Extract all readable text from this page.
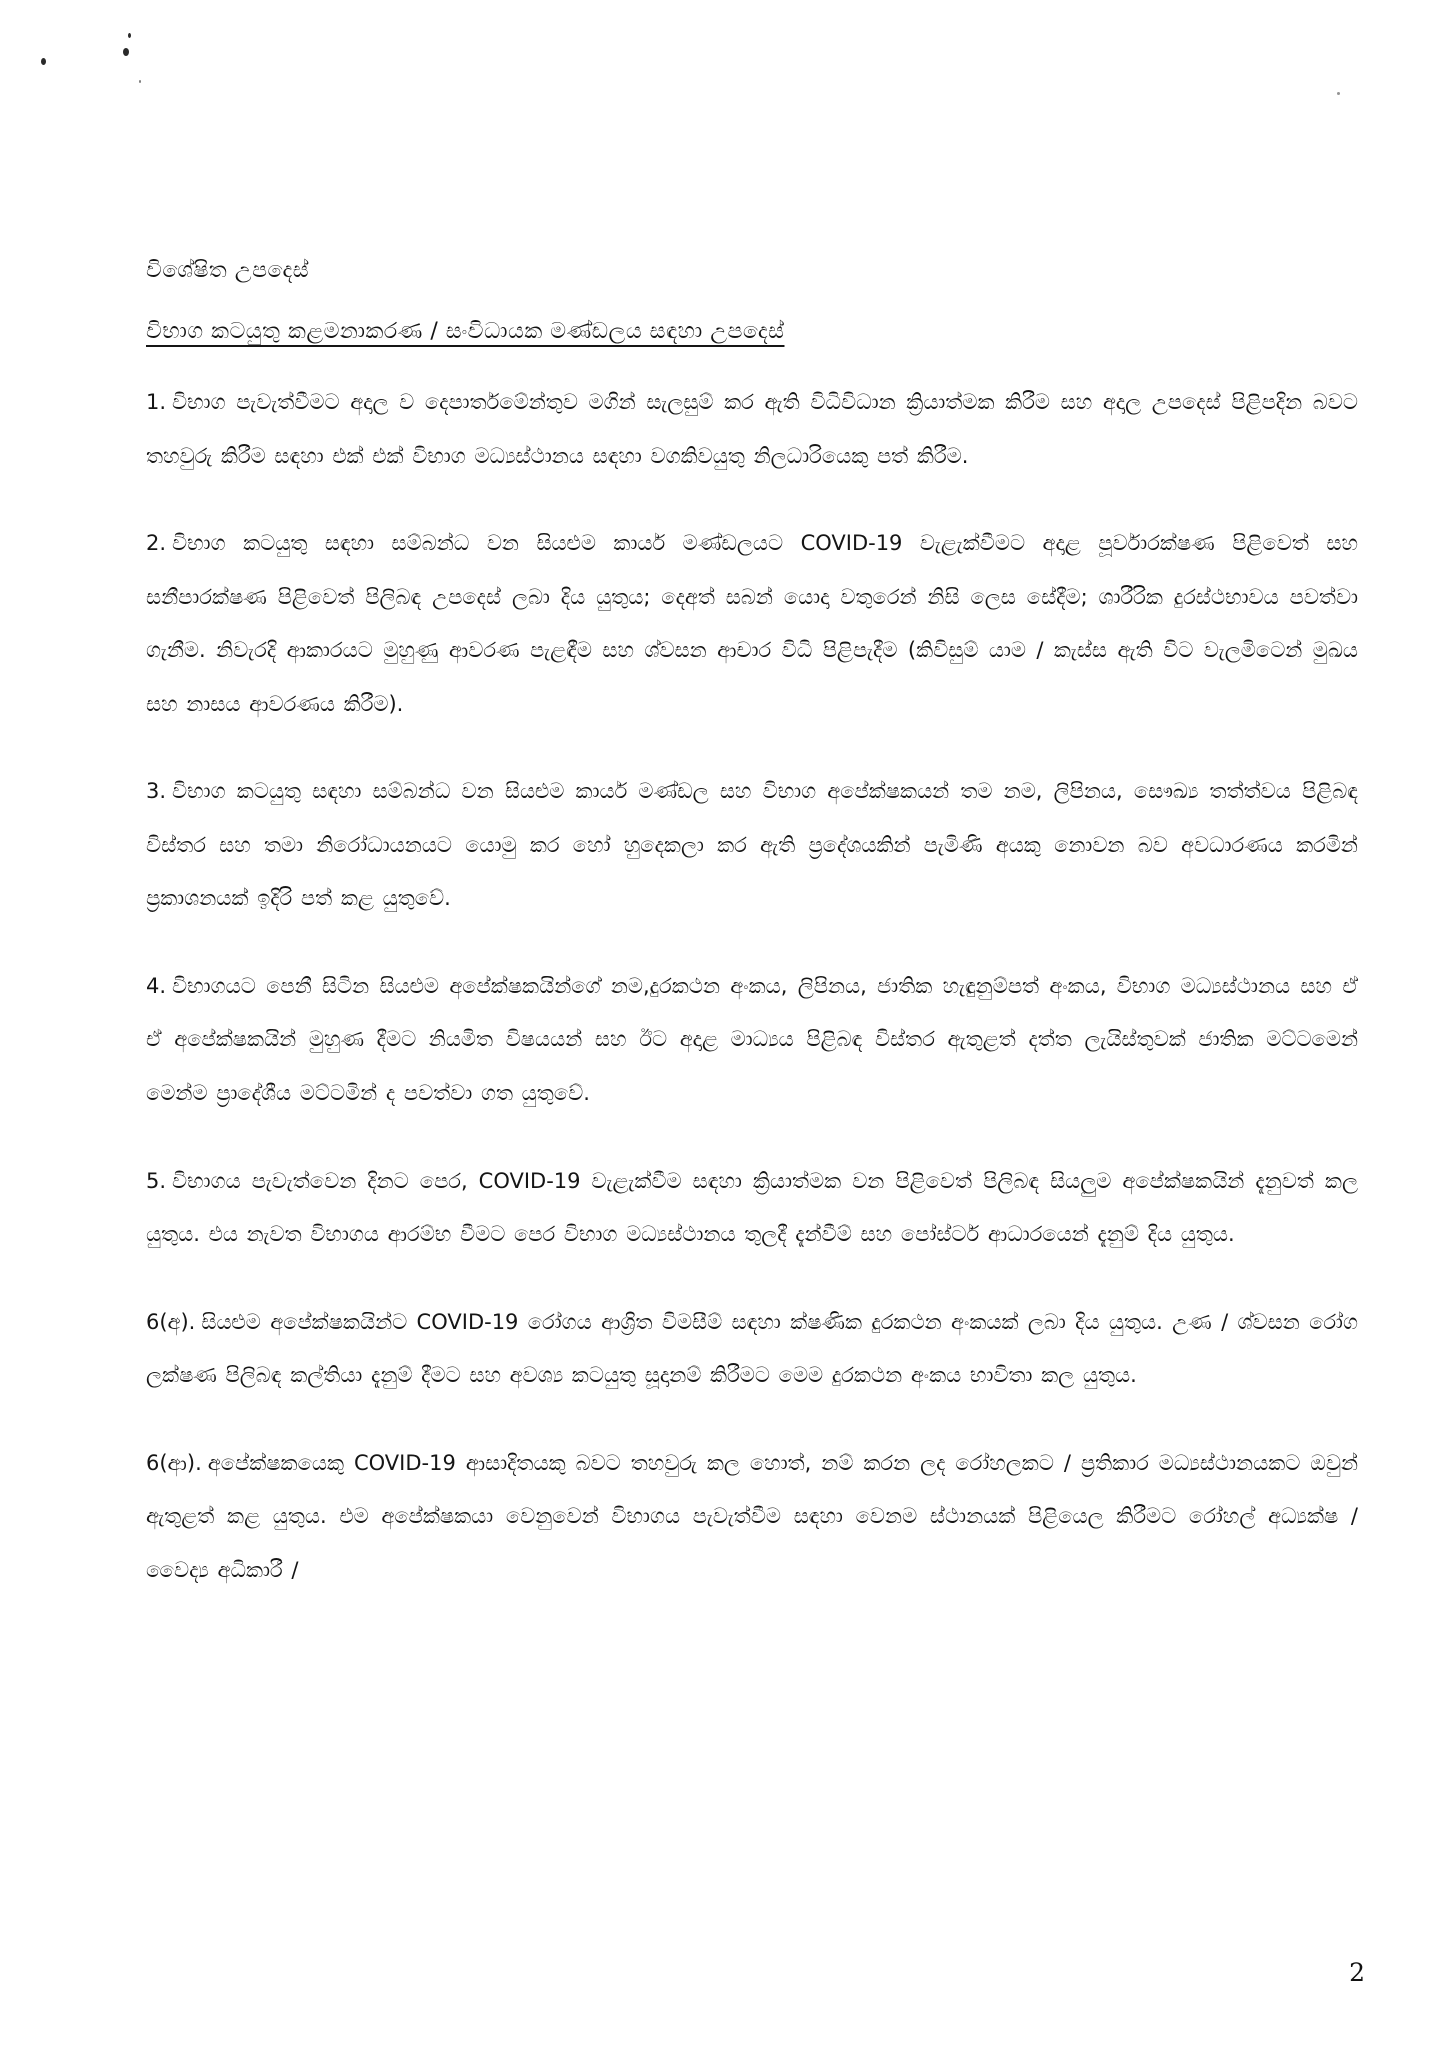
විශේෂිත උපදෙස්

විභාග කටයුතු කළමනාකරණ / සංවිධායක මණ්ඩලය සඳහා උපදෙස්

1. විභාග පැවැත්වීමට අදාල ව දෙපාර්තමේන්තුව මගින් සැලසුම් කර ඇති විධිවිධාන ක්‍රියාත්මක කිරීම සහ අදාල උපදෙස් පිළිපදින බවට තහවුරු කිරීම සඳහා එක් එක් විභාග මධ්‍යස්ථානය සඳහා වගකිවයුතු නිලධාරියෙකු පත් කිරීම.

2. විභාග කටයුතු සඳහා සම්බන්ධ වන සියළුම කාර්ය මණ්ඩලයට COVID-19 වැළැක්වීමට අදාළ පූර්වාරක්ෂණ පිළිවෙත් සහ සනීපාරක්ෂණ පිළිවෙත් පිලිබඳ උපදෙස් ලබා දිය යුතුය; දෙඅත් සබන් යොදා වතුරෙන් නිසි ලෙස සේදීම; ශාරීරික දුරස්ථභාවය පවත්වා ගැනීම. නිවැරදි ආකාරයට මුහුණු ආවරණ පැළඳීම සහ ශ්වසන ආචාර විධි පිළිපැදීම (කිවිසුම් යාම / කැස්ස ඇති විට වැලමිටෙන් මුඛය සහ නාසය ආවරණය කිරීම).

3. විභාග කටයුතු සඳහා සම්බන්ධ වන සියළුම කාර්ය මණ්ඩල සහ විභාග අපේක්ෂකයන් තම නම, ලිපිනය, සෞඛ්‍ය තත්ත්වය පිළිබඳ විස්තර සහ තමා නිරෝධායනයට යොමු කර හෝ හුදෙකලා කර ඇති ප්‍රදේශයකින් පැමිණි අයකු නොවන බව අවධාරණය කරමින් ප්‍රකාශනයක් ඉදිරි පත් කළ යුතුවේ.

4. විභාගයට පෙනී සිටින සියළුම අපේක්ෂකයින්ගේ නම,දුරකථන අංකය, ලිපිනය, ජාතික හැඳුනුම්පත් අංකය, විභාග මධ්‍යස්ථානය සහ ඒ ඒ අපේක්ෂකයින් මුහුණ දීමට නියමිත විෂයයන් සහ ඊට අදාළ මාධ්‍යය පිළිබඳ විස්තර ඇතුළත් දත්ත ලැයිස්තුවක් ජාතික මට්ටමෙන් මෙන්ම ප්‍රාදේශීය මට්ටමින් ද පවත්වා ගත යුතුවේ.

5. විභාගය පැවැත්වෙන දිනට පෙර, COVID-19 වැළැක්වීම සඳහා ක්‍රියාත්මක වන පිළිවෙත් පිලිබඳ සියලුම අපේක්ෂකයින් දැනුවත් කල යුතුය. එය නැවත විභාගය ආරම්භ වීමට පෙර විභාග මධ්‍යස්ථානය තුලදී දැන්වීම් සහ පෝස්ටර් ආධාරයෙන් දැනුම් දිය යුතුය.

6(අ). සියළුම අපේක්ෂකයින්ට COVID-19 රෝගය ආශ්‍රිත විමසීම් සඳහා ක්ෂණික දුරකථන අංකයක් ලබා දිය යුතුය. උණ / ශ්වසන රෝග ලක්ෂණ පිලිබඳ කල්තියා දැනුම් දීමට සහ අවශ්‍ය කටයුතු සූදානම් කිරීමට මෙම දුරකථන අංකය භාවිතා කල යුතුය.

6(ආ). අපේක්ෂකයෙකු COVID-19 ආසාදිතයකු බවට තහවුරු කල හොත්, නම් කරන ලද රෝහලකට / ප්‍රතිකාර මධ්‍යස්ථානයකට ඔවුන් ඇතුළත් කළ යුතුය. එම අපේක්ෂකයා වෙනුවෙන් විභාගය පැවැත්වීම සඳහා වෙනම ස්ථානයක් පිළියෙල කිරීමට රෝහල් අධ්‍යක්ෂ / වෛද්‍ය අධිකාරී /

2
